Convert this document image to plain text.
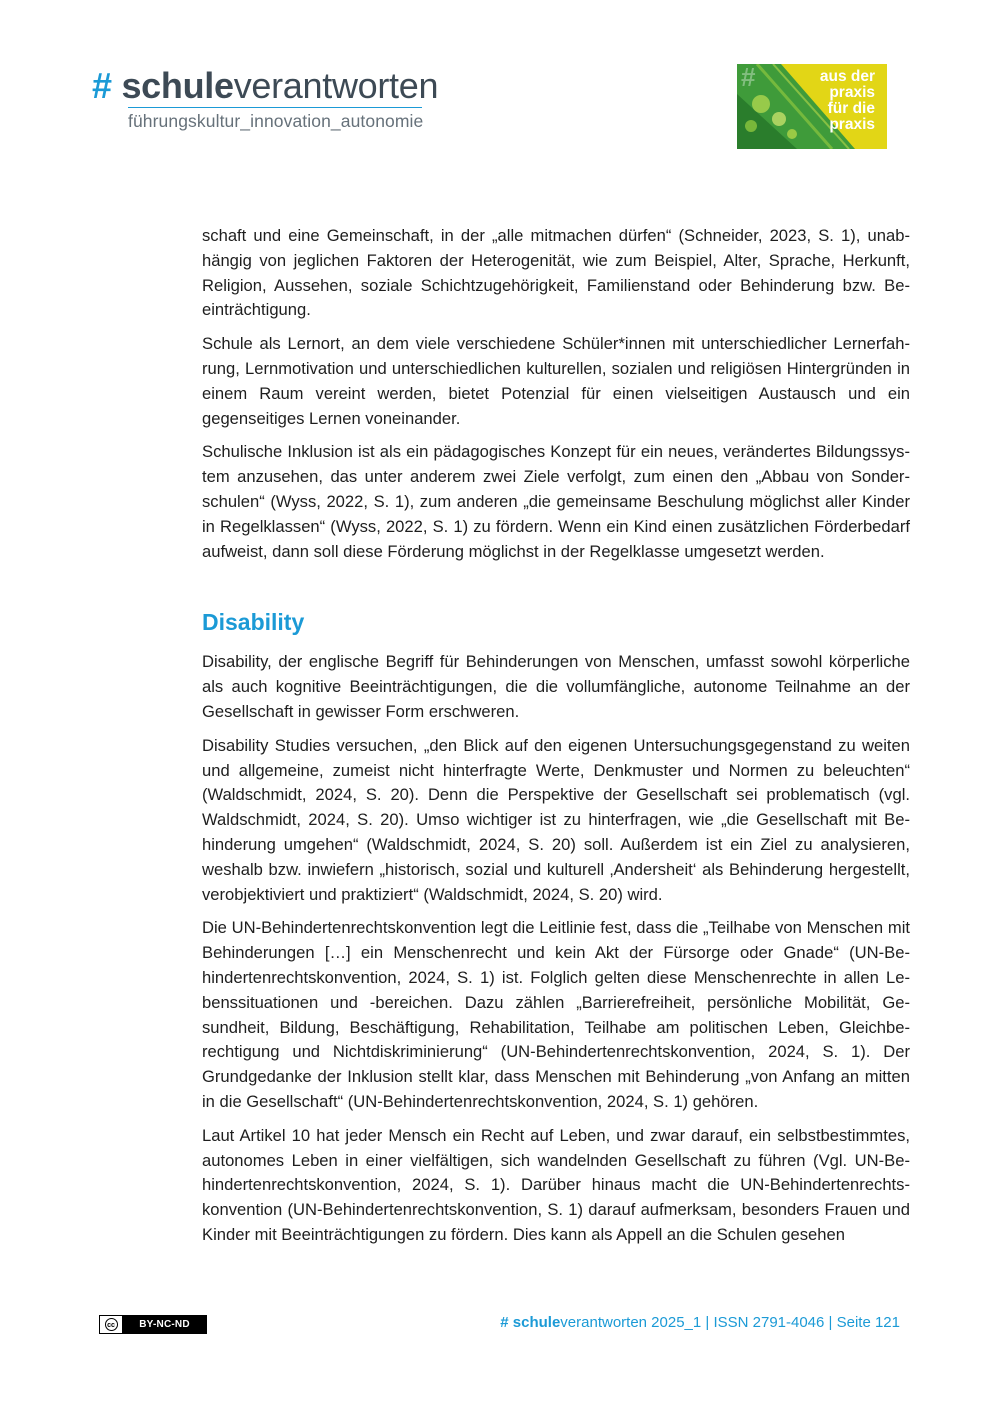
# schuleverantworten
führungskultur_innovation_autonomie
#	aus der
praxis
für die
praxis

schaft und eine Gemeinschaft, in der „alle mitmachen dürfen“ (Schneider, 2023, S. 1), unabhängig von jeglichen Faktoren der Heterogenität, wie zum Beispiel, Alter, Sprache, Herkunft, Religion, Aussehen, soziale Schichtzugehörigkeit, Familienstand oder Behinderung bzw. Beeinträchtigung.

Schule als Lernort, an dem viele verschiedene Schüler*innen mit unterschiedlicher Lernerfahrung, Lernmotivation und unterschiedlichen kulturellen, sozialen und religiösen Hintergründen in einem Raum vereint werden, bietet Potenzial für einen vielseitigen Austausch und ein gegenseitiges Lernen voneinander.

Schulische Inklusion ist als ein pädagogisches Konzept für ein neues, verändertes Bildungssystem anzusehen, das unter anderem zwei Ziele verfolgt, zum einen den „Abbau von Sonderschulen“ (Wyss, 2022, S. 1), zum anderen „die gemeinsame Beschulung möglichst aller Kinder in Regelklassen“ (Wyss, 2022, S. 1) zu fördern. Wenn ein Kind einen zusätzlichen Förderbedarf aufweist, dann soll diese Förderung möglichst in der Regelklasse umgesetzt werden.

Disability

Disability, der englische Begriff für Behinderungen von Menschen, umfasst sowohl körperliche als auch kognitive Beeinträchtigungen, die die vollumfängliche, autonome Teilnahme an der Gesellschaft in gewisser Form erschweren.

Disability Studies versuchen, „den Blick auf den eigenen Untersuchungsgegenstand zu weiten und allgemeine, zumeist nicht hinterfragte Werte, Denkmuster und Normen zu beleuchten“ (Waldschmidt, 2024, S. 20). Denn die Perspektive der Gesellschaft sei problematisch (vgl. Waldschmidt, 2024, S. 20). Umso wichtiger ist zu hinterfragen, wie „die Gesellschaft mit Behinderung umgehen“ (Waldschmidt, 2024, S. 20) soll. Außerdem ist ein Ziel zu analysieren, weshalb bzw. inwiefern „historisch, sozial und kulturell ‚Andersheit‘ als Behinderung hergestellt, verobjektiviert und praktiziert“ (Waldschmidt, 2024, S. 20) wird.

Die UN-Behindertenrechtskonvention legt die Leitlinie fest, dass die „Teilhabe von Menschen mit Behinderungen […] ein Menschenrecht und kein Akt der Fürsorge oder Gnade“ (UN-Behindertenrechtskonvention, 2024, S. 1) ist. Folglich gelten diese Menschenrechte in allen Lebenssituationen und -bereichen. Dazu zählen „Barrierefreiheit, persönliche Mobilität, Gesundheit, Bildung, Beschäftigung, Rehabilitation, Teilhabe am politischen Leben, Gleichberechtigung und Nichtdiskriminierung“ (UN-Behindertenrechtskonvention, 2024, S. 1). Der Grundgedanke der Inklusion stellt klar, dass Menschen mit Behinderung „von Anfang an mitten in die Gesellschaft“ (UN-Behindertenrechtskonvention, 2024, S. 1) gehören.

Laut Artikel 10 hat jeder Mensch ein Recht auf Leben, und zwar darauf, ein selbstbestimmtes, autonomes Leben in einer vielfältigen, sich wandelnden Gesellschaft zu führen (Vgl. UN-Behindertenrechtskonvention, 2024, S. 1). Darüber hinaus macht die UN-Behindertenrechtskonvention (UN-Behindertenrechtskonvention, S. 1) darauf aufmerksam, besonders Frauen und Kinder mit Beeinträchtigungen zu fördern. Dies kann als Appell an die Schulen gesehen

cc	BY-NC-ND	# schuleverantworten 2025_1 | ISSN 2791-4046 | Seite 121
